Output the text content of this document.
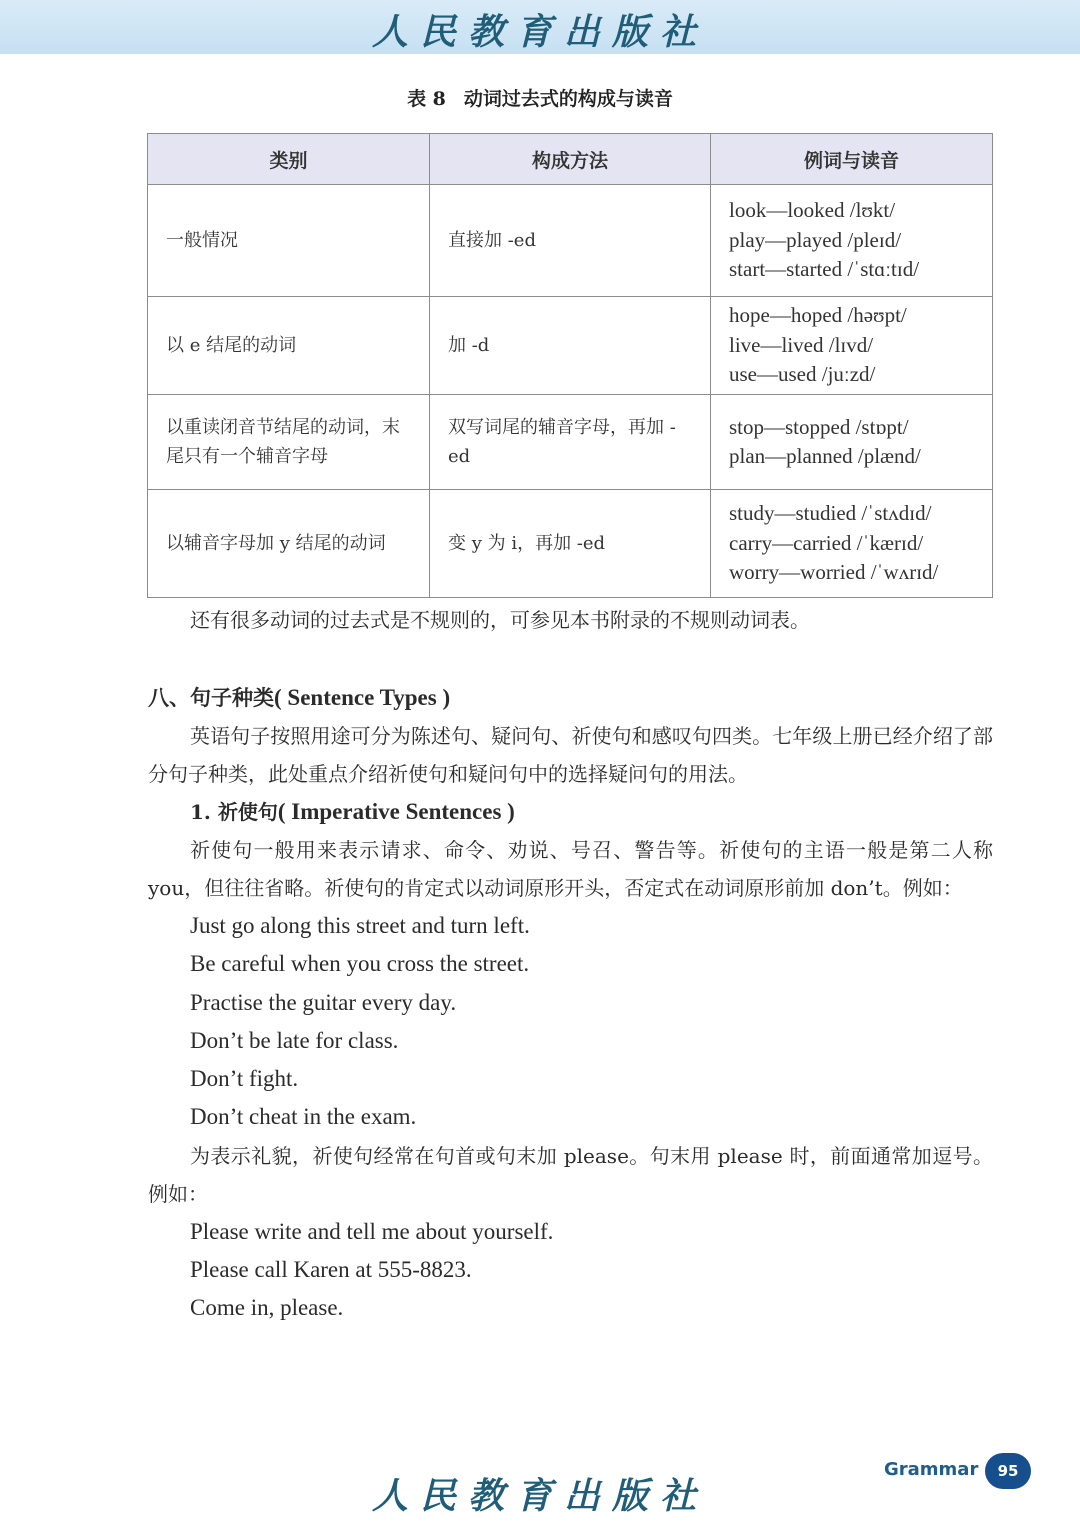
人民教育出版社
表 8 动词过去式的构成与读音
类别	构成方法	例词与读音
一般情况	直接加 -ed	look—looked /lʊkt/
play—played /pleɪd/
start—started /ˈstɑːtɪd/

以 e 结尾的动词	加 -d	hope—hoped /həʊpt/
live—lived /lɪvd/
use—used /juːzd/

以重读闭音节结尾的动词，末尾只有一个辅音字母	双写词尾的辅音字母，再加 -ed	stop—stopped /stɒpt/
plan—planned /plænd/

以辅音字母加 y 结尾的动词	变 y 为 i，再加 -ed	study—studied /ˈstʌdɪd/
carry—carried /ˈkærɪd/
worry—worried /ˈwʌrɪd/

还有很多动词的过去式是不规则的，可参见本书附录的不规则动词表。

八、句子种类( Sentence Types )

英语句子按照用途可分为陈述句、疑问句、祈使句和感叹句四类。七年级上册已经介绍了部分句子种类，此处重点介绍祈使句和疑问句中的选择疑问句的用法。

1. 祈使句( Imperative Sentences )

祈使句一般用来表示请求、命令、劝说、号召、警告等。祈使句的主语一般是第二人称 you，但往往省略。祈使句的肯定式以动词原形开头，否定式在动词原形前加 don’t。例如：

Just go along this street and turn left.

Be careful when you cross the street.

Practise the guitar every day.

Don’t be late for class.

Don’t fight.

Don’t cheat in the exam.

为表示礼貌，祈使句经常在句首或句末加 please。句末用 please 时，前面通常加逗号。例如：

Please write and tell me about yourself.

Please call Karen at 555-8823.

Come in, please.

人民教育出版社
Grammar	95
